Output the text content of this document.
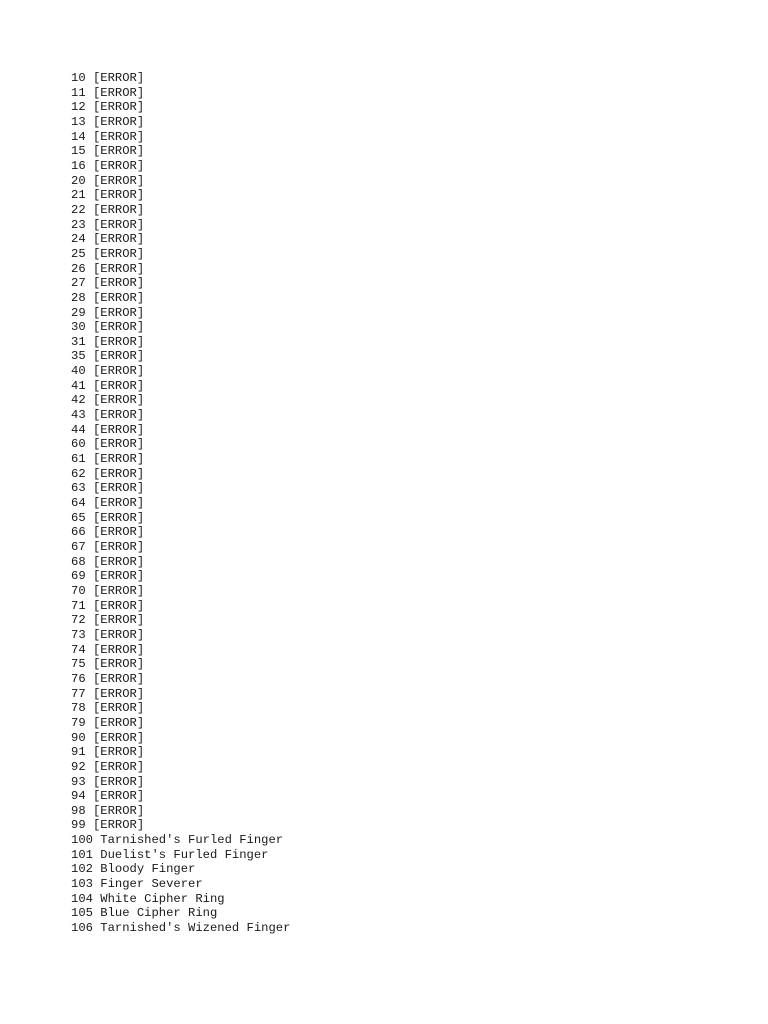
10 [ERROR]
11 [ERROR]
12 [ERROR]
13 [ERROR]
14 [ERROR]
15 [ERROR]
16 [ERROR]
20 [ERROR]
21 [ERROR]
22 [ERROR]
23 [ERROR]
24 [ERROR]
25 [ERROR]
26 [ERROR]
27 [ERROR]
28 [ERROR]
29 [ERROR]
30 [ERROR]
31 [ERROR]
35 [ERROR]
40 [ERROR]
41 [ERROR]
42 [ERROR]
43 [ERROR]
44 [ERROR]
60 [ERROR]
61 [ERROR]
62 [ERROR]
63 [ERROR]
64 [ERROR]
65 [ERROR]
66 [ERROR]
67 [ERROR]
68 [ERROR]
69 [ERROR]
70 [ERROR]
71 [ERROR]
72 [ERROR]
73 [ERROR]
74 [ERROR]
75 [ERROR]
76 [ERROR]
77 [ERROR]
78 [ERROR]
79 [ERROR]
90 [ERROR]
91 [ERROR]
92 [ERROR]
93 [ERROR]
94 [ERROR]
98 [ERROR]
99 [ERROR]
100 Tarnished's Furled Finger
101 Duelist's Furled Finger
102 Bloody Finger
103 Finger Severer
104 White Cipher Ring
105 Blue Cipher Ring
106 Tarnished's Wizened Finger
